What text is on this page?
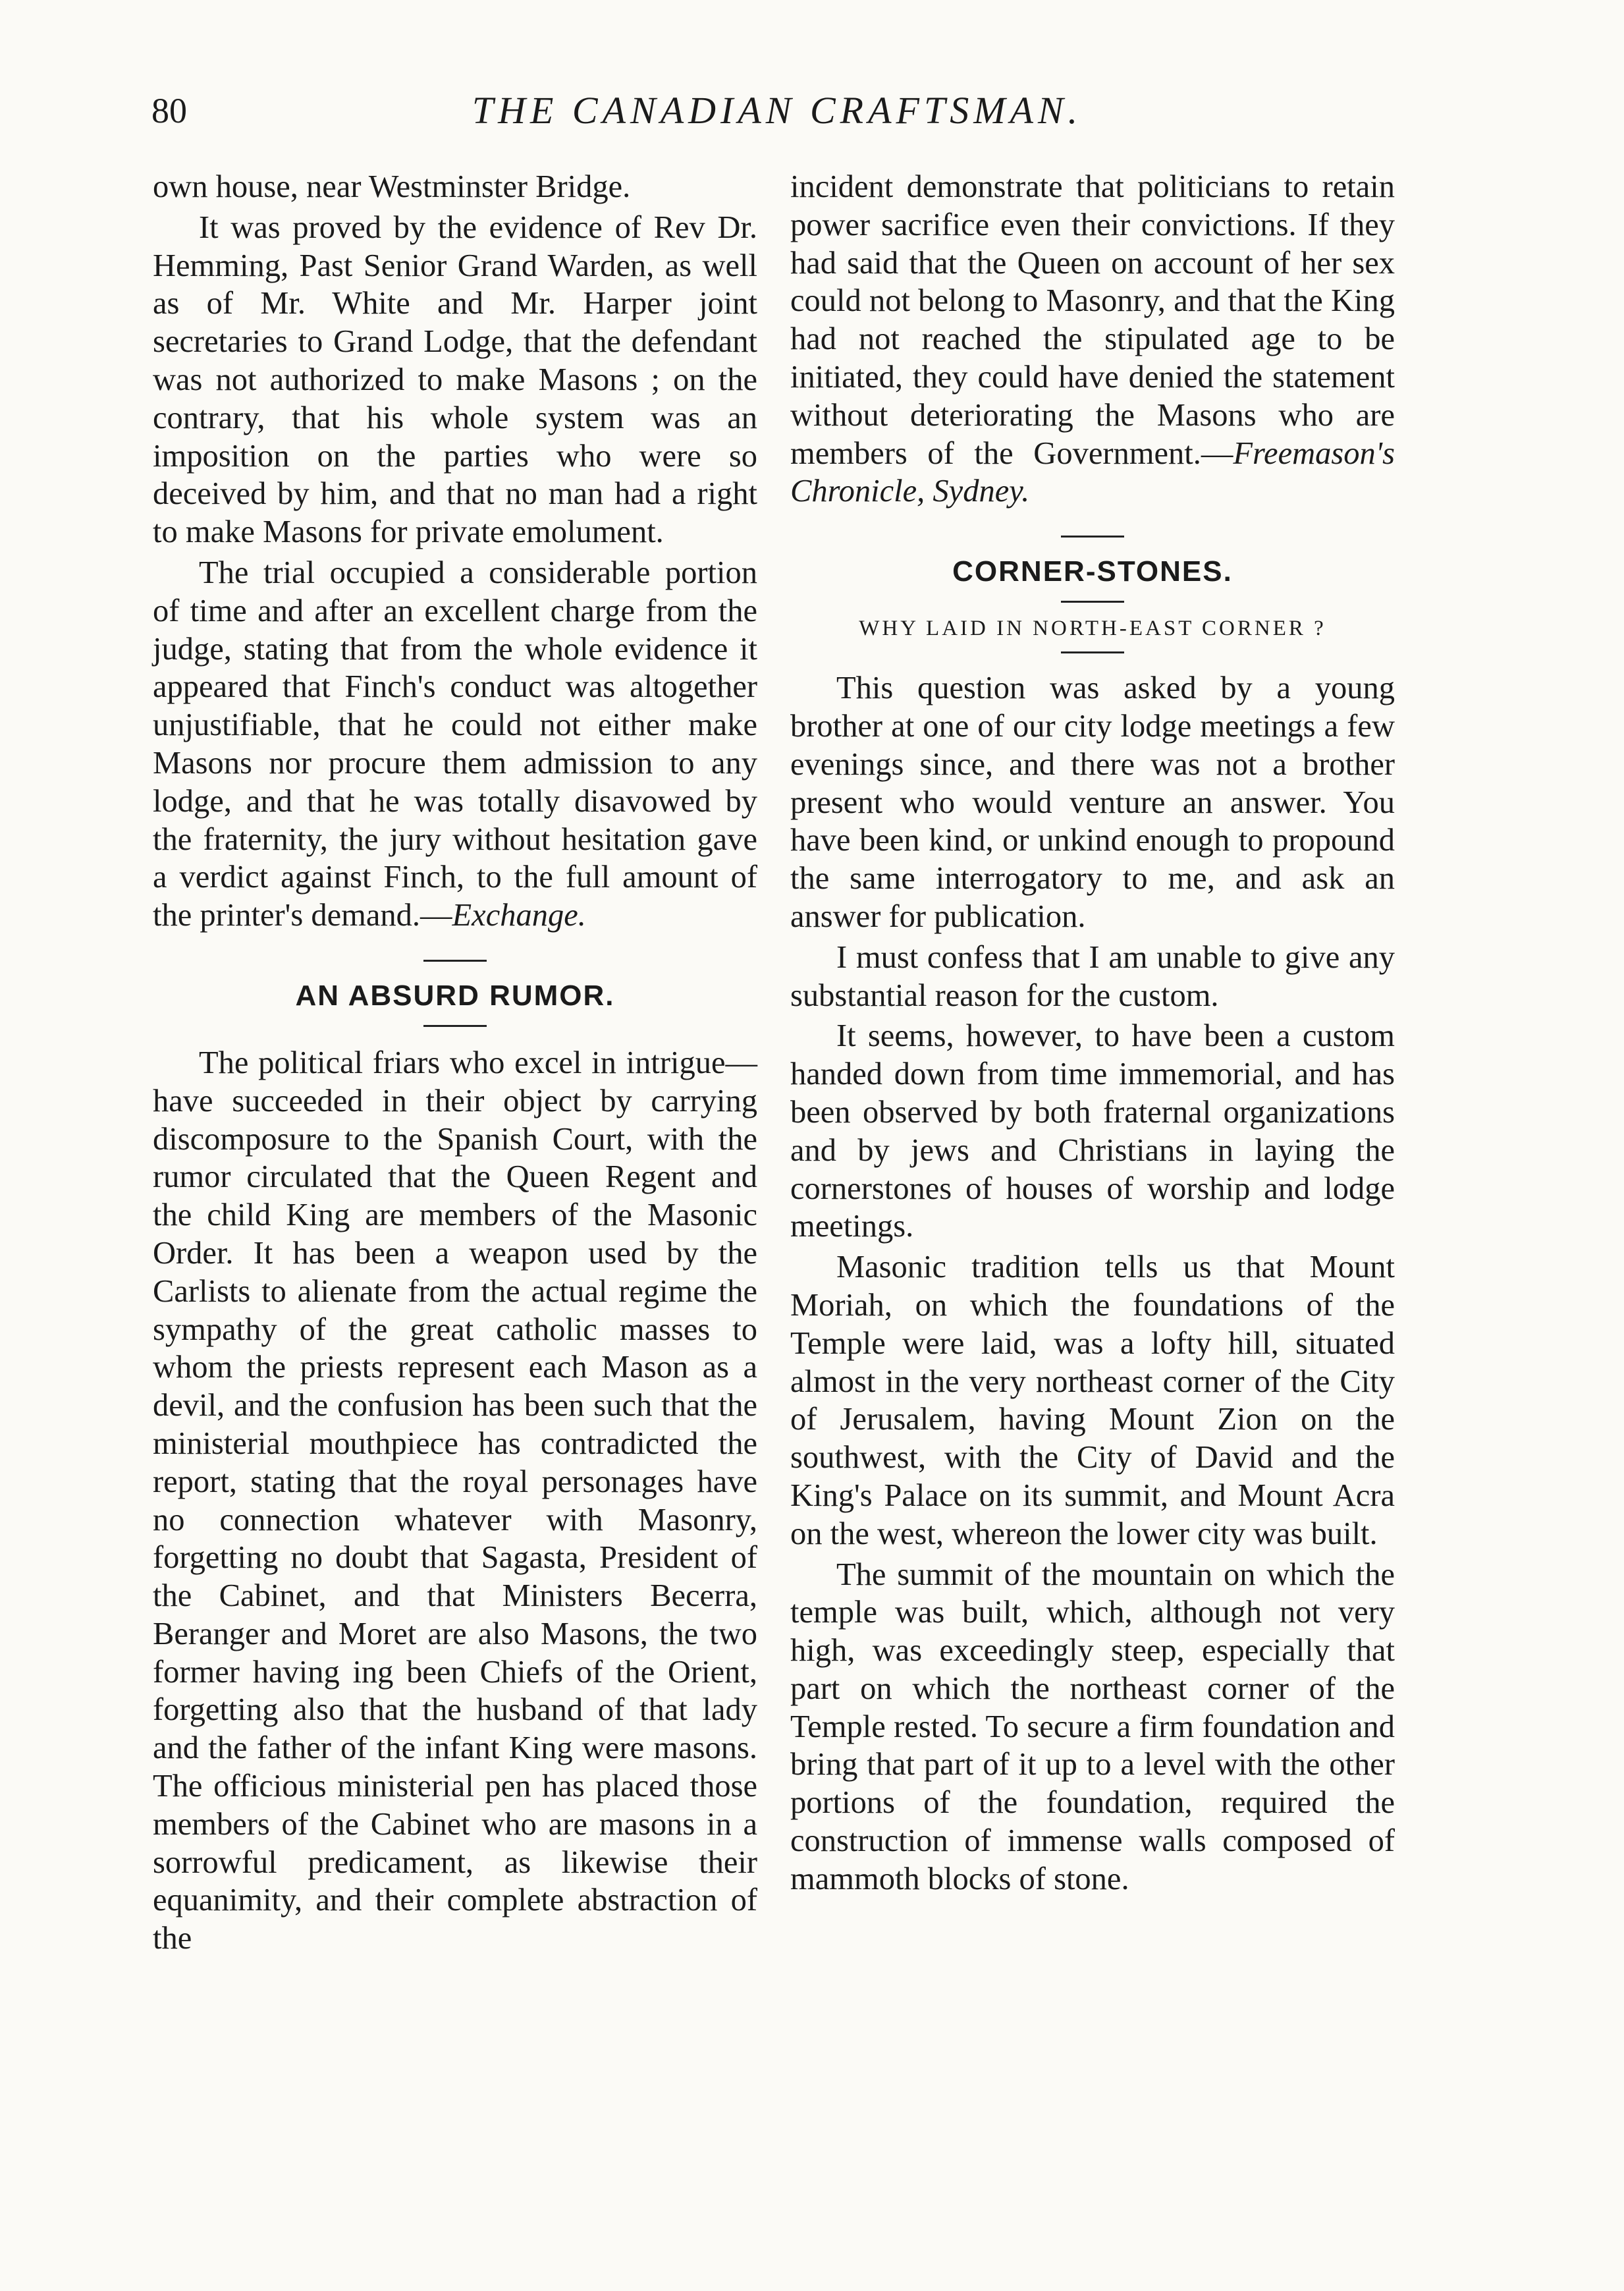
80	THE CANADIAN CRAFTSMAN.

own house, near Westminster Bridge.

It was proved by the evidence of Rev Dr. Hemming, Past Senior Grand Warden, as well as of Mr. White and Mr. Harper joint secretaries to Grand Lodge, that the defendant was not authorized to make Masons ; on the contrary, that his whole system was an imposition on the parties who were so deceived by him, and that no man had a right to make Masons for private emolument.

The trial occupied a considerable portion of time and after an excellent charge from the judge, stating that from the whole evidence it appeared that Finch's conduct was altogether unjustifiable, that he could not either make Masons nor procure them admission to any lodge, and that he was totally disavowed by the fraternity, the jury without hesitation gave a verdict against Finch, to the full amount of the printer's demand.—Exchange.

AN ABSURD RUMOR.

The political friars who excel in intrigue—have succeeded in their object by carrying discomposure to the Spanish Court, with the rumor circulated that the Queen Regent and the child King are members of the Masonic Order. It has been a weapon used by the Carlists to alienate from the actual regime the sympathy of the great catholic masses to whom the priests represent each Mason as a devil, and the confusion has been such that the ministerial mouthpiece has contradicted the report, stating that the royal personages have no connection whatever with Masonry, forgetting no doubt that Sagasta, President of the Cabinet, and that Ministers Becerra, Beranger and Moret are also Masons, the two former having ing been Chiefs of the Orient, forgetting also that the husband of that lady and the father of the infant King were masons. The officious ministerial pen has placed those members of the Cabinet who are masons in a sorrowful predicament, as likewise their equanimity, and their complete abstraction of the

incident demonstrate that politicians to retain power sacrifice even their convictions. If they had said that the Queen on account of her sex could not belong to Masonry, and that the King had not reached the stipulated age to be initiated, they could have denied the statement without deteriorating the Masons who are members of the Government.—Freemason's Chronicle, Sydney.

CORNER-STONES.
WHY LAID IN NORTH-EAST CORNER ?

This question was asked by a young brother at one of our city lodge meetings a few evenings since, and there was not a brother present who would venture an answer. You have been kind, or unkind enough to propound the same interrogatory to me, and ask an answer for publication.

I must confess that I am unable to give any substantial reason for the custom.

It seems, however, to have been a custom handed down from time immemorial, and has been observed by both fraternal organizations and by jews and Christians in laying the cornerstones of houses of worship and lodge meetings.

Masonic tradition tells us that Mount Moriah, on which the foundations of the Temple were laid, was a lofty hill, situated almost in the very northeast corner of the City of Jerusalem, having Mount Zion on the southwest, with the City of David and the King's Palace on its summit, and Mount Acra on the west, whereon the lower city was built.

The summit of the mountain on which the temple was built, which, although not very high, was exceedingly steep, especially that part on which the northeast corner of the Temple rested. To secure a firm foundation and bring that part of it up to a level with the other portions of the foundation, required the construction of immense walls composed of mammoth blocks of stone.
